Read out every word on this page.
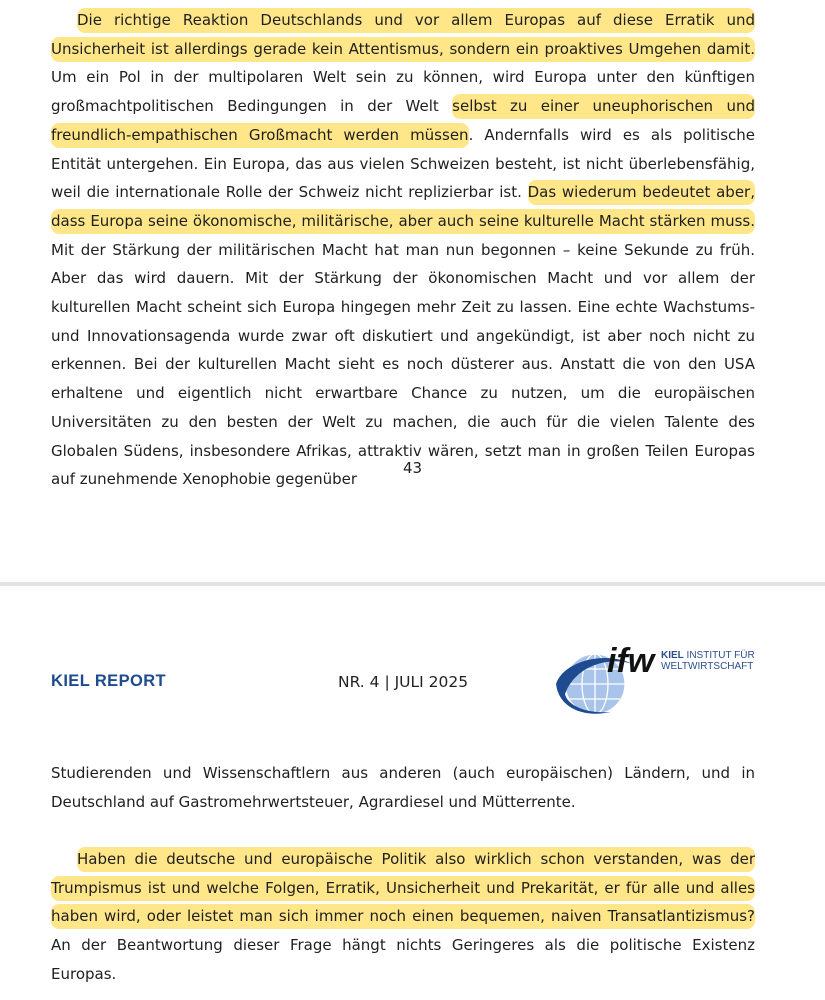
Die richtige Reaktion Deutschlands und vor allem Europas auf diese Erratik und Unsicherheit ist allerdings gerade kein Attentismus, sondern ein proaktives Umgehen damit. Um ein Pol in der multipolaren Welt sein zu können, wird Europa unter den künftigen großmachtpolitischen Bedingungen in der Welt selbst zu einer uneuphorischen und freundlich-empathischen Großmacht werden müssen. Andernfalls wird es als politische Entität untergehen. Ein Europa, das aus vielen Schweizen besteht, ist nicht überlebensfähig, weil die internationale Rolle der Schweiz nicht replizierbar ist. Das wiederum bedeutet aber, dass Europa seine ökonomische, militärische, aber auch seine kulturelle Macht stärken muss. Mit der Stärkung der militärischen Macht hat man nun begonnen – keine Sekunde zu früh. Aber das wird dauern. Mit der Stärkung der ökonomischen Macht und vor allem der kulturellen Macht scheint sich Europa hingegen mehr Zeit zu lassen. Eine echte Wachstums- und Innovationsagenda wurde zwar oft diskutiert und angekündigt, ist aber noch nicht zu erkennen. Bei der kulturellen Macht sieht es noch düsterer aus. Anstatt die von den USA erhaltene und eigentlich nicht erwartbare Chance zu nutzen, um die europäischen Universitäten zu den besten der Welt zu machen, die auch für die vielen Talente des Globalen Südens, insbesondere Afrikas, attraktiv wären, setzt man in großen Teilen Europas auf zunehmende Xenophobie gegenüber

43

KIEL REPORT	NR. 4 | JULI 2025
ifw KIEL INSTITUT FÜR
WELTWIRTSCHAFT

Studierenden und Wissenschaftlern aus anderen (auch europäischen) Ländern, und in Deutschland auf Gastromehrwertsteuer, Agrardiesel und Mütterrente.

Haben die deutsche und europäische Politik also wirklich schon verstanden, was der Trumpismus ist und welche Folgen, Erratik, Unsicherheit und Prekarität, er für alle und alles haben wird, oder leistet man sich immer noch einen bequemen, naiven Transatlantizismus? An der Beantwortung dieser Frage hängt nichts Geringeres als die politische Existenz Europas.
